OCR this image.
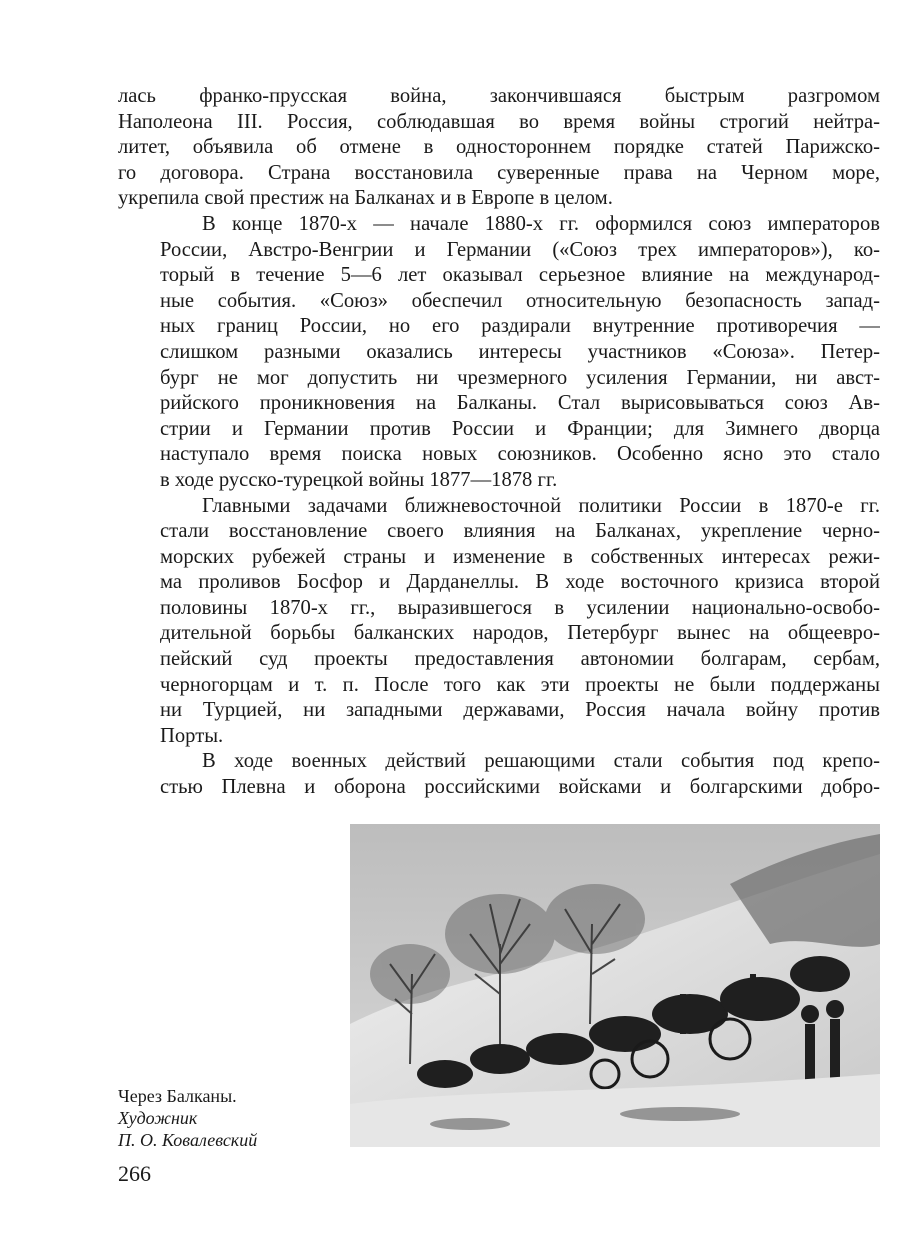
лась франко-прусская война, закончившаяся быстрым разгромом
Наполеона III. Россия, соблюдавшая во время войны строгий нейтра-
литет, объявила об отмене в одностороннем порядке статей Парижско-
го договора. Страна восстановила суверенные права на Черном море,
укрепила свой престиж на Балканах и в Европе в целом.

В конце 1870-х — начале 1880-х гг. оформился союз императоров
России, Австро-Венгрии и Германии («Союз трех императоров»), ко-
торый в течение 5—6 лет оказывал серьезное влияние на международ-
ные события. «Союз» обеспечил относительную безопасность запад-
ных границ России, но его раздирали внутренние противоречия —
слишком разными оказались интересы участников «Союза». Петер-
бург не мог допустить ни чрезмерного усиления Германии, ни авст-
рийского проникновения на Балканы. Стал вырисовываться союз Ав-
стрии и Германии против России и Франции; для Зимнего дворца
наступало время поиска новых союзников. Особенно ясно это стало
в ходе русско-турецкой войны 1877—1878 гг.

Главными задачами ближневосточной политики России в 1870-е гг.
стали восстановление своего влияния на Балканах, укрепление черно-
морских рубежей страны и изменение в собственных интересах режи-
ма проливов Босфор и Дарданеллы. В ходе восточного кризиса второй
половины 1870-х гг., выразившегося в усилении национально-освобо-
дительной борьбы балканских народов, Петербург вынес на общеевро-
пейский суд проекты предоставления автономии болгарам, сербам,
черногорцам и т. п. После того как эти проекты не были поддержаны
ни Турцией, ни западными державами, Россия начала войну против
Порты.

В ходе военных действий решающими стали события под крепо-
стью Плевна и оборона российскими войсками и болгарскими добро-

Через Балканы.
Художник
П. О. Ковалевский
266
